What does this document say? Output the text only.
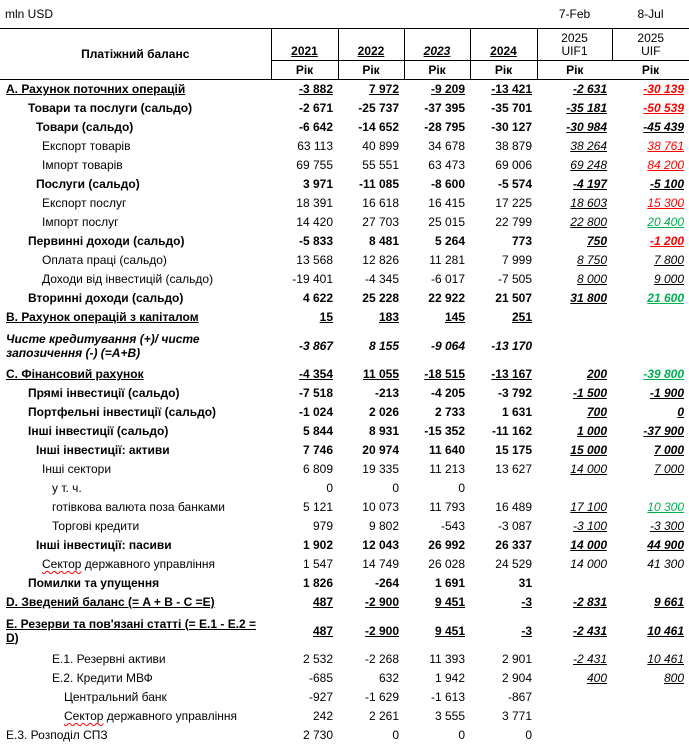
mln USD	7-Feb	8-Jul
Платіжний баланс	2021	2022	2023	2024	2025
UIF1	2025
UIF
	Рік	Рік	Рік	Рік	Рік	Рік
A. Рахунок поточних операцій	-3 882	7 972	-9 209	-13 421	-2 631	-30 139
Товари та послуги (сальдо)	-2 671	-25 737	-37 395	-35 701	-35 181	-50 539
Товари (сальдо)	-6 642	-14 652	-28 795	-30 127	-30 984	-45 439
Експорт товарів	63 113	40 899	34 678	38 879	38 264	38 761
Імпорт товарів	69 755	55 551	63 473	69 006	69 248	84 200
Послуги (сальдо)	3 971	-11 085	-8 600	-5 574	-4 197	-5 100
Експорт послуг	18 391	16 618	16 415	17 225	18 603	15 300
Імпорт послуг	14 420	27 703	25 015	22 799	22 800	20 400
Первинні доходи (сальдо)	-5 833	8 481	5 264	773	750	-1 200
Оплата праці (сальдо)	13 568	12 826	11 281	7 999	8 750	7 800
Доходи від інвестицій (сальдо)	-19 401	-4 345	-6 017	-7 505	8 000	9 000
Вторинні доходи (сальдо)	4 622	25 228	22 922	21 507	31 800	21 600
B. Рахунок операцій з капіталом	15	183	145	251		
Чисте кредитування (+)/ чисте запозичення (-) (=A+B)	-3 867	8 155	-9 064	-13 170		
C. Фінансовий рахунок	-4 354	11 055	-18 515	-13 167	200	-39 800
Прямі інвестиції (сальдо)	-7 518	-213	-4 205	-3 792	-1 500	-1 900
Портфельні інвестиції (сальдо)	-1 024	2 026	2 733	1 631	700	0
Інші інвестиції (сальдо)	5 844	8 931	-15 352	-11 162	1 000	-37 900
Інші інвестиції: активи	7 746	20 974	11 640	15 175	15 000	7 000
Інші сектори	6 809	19 335	11 213	13 627	14 000	7 000
у т. ч.	0	0	0			
готівкова валюта поза банками	5 121	10 073	11 793	16 489	17 100	10 300
Торгові кредити	979	9 802	-543	-3 087	-3 100	-3 300
Інші інвестиції: пасиви	1 902	12 043	26 992	26 337	14 000	44 900
Сектор державного управління	1 547	14 749	26 028	24 529	14 000	41 300
Помилки та упущення	1 826	-264	1 691	31		
D. Зведений баланс (= A + B - C =E)	487	-2 900	9 451	-3	-2 831	9 661
E. Резерви та пов'язані статті (= E.1 - E.2 = D)	487	-2 900	9 451	-3	-2 431	10 461
E.1. Резервні активи	2 532	-2 268	11 393	2 901	-2 431	10 461
E.2. Кредити МВФ	-685	632	1 942	2 904	400	800
Центральний банк	-927	-1 629	-1 613	-867		
Сектор державного управління	242	2 261	3 555	3 771		
E.3. Розподіл СПЗ	2 730	0	0	0		
